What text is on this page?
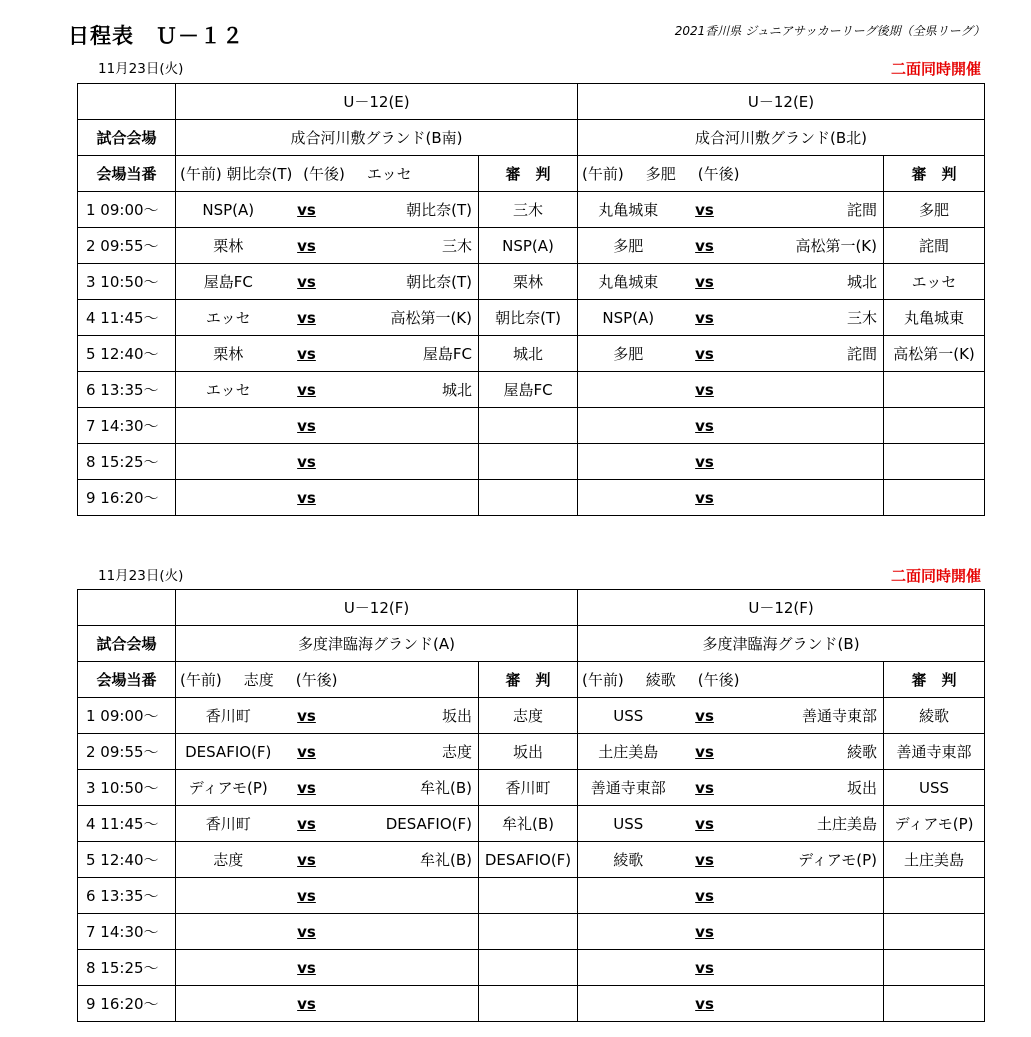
日程表　Ｕ－１２	2021香川県 ジュニアサッカーリーグ後期（全県リーグ）
11月23日(火)	二面同時開催
	U－12(E)				U－12(E)			
試合会場	成合河川敷グランド(B南)				成合河川敷グランド(B北)			
会場当番	(午前) 朝比奈(T) (午後) エッセ			審　判	(午前) 多肥 (午後)			審　判
1 09:00～	NSP(A)	vs	朝比奈(T)	三木	丸亀城東	vs	詫間	多肥
2 09:55～	栗林	vs	三木	NSP(A)	多肥	vs	高松第一(K)	詫間
3 10:50～	屋島FC	vs	朝比奈(T)	栗林	丸亀城東	vs	城北	エッセ
4 11:45～	エッセ	vs	高松第一(K)	朝比奈(T)	NSP(A)	vs	三木	丸亀城東
5 12:40～	栗林	vs	屋島FC	城北	多肥	vs	詫間	高松第一(K)
6 13:35～	エッセ	vs	城北	屋島FC		vs		
7 14:30～		vs				vs		
8 15:25～		vs				vs		
9 16:20～		vs				vs		
11月23日(火)	二面同時開催
	U－12(F)				U－12(F)			
試合会場	多度津臨海グランド(A)				多度津臨海グランド(B)			
会場当番	(午前) 志度 (午後)			審　判	(午前) 綾歌 (午後)			審　判
1 09:00～	香川町	vs	坂出	志度	USS	vs	善通寺東部	綾歌
2 09:55～	DESAFIO(F)	vs	志度	坂出	土庄美島	vs	綾歌	善通寺東部
3 10:50～	ディアモ(P)	vs	牟礼(B)	香川町	善通寺東部	vs	坂出	USS
4 11:45～	香川町	vs	DESAFIO(F)	牟礼(B)	USS	vs	土庄美島	ディアモ(P)
5 12:40～	志度	vs	牟礼(B)	DESAFIO(F)	綾歌	vs	ディアモ(P)	土庄美島
6 13:35～		vs				vs		
7 14:30～		vs				vs		
8 15:25～		vs				vs		
9 16:20～		vs				vs		
